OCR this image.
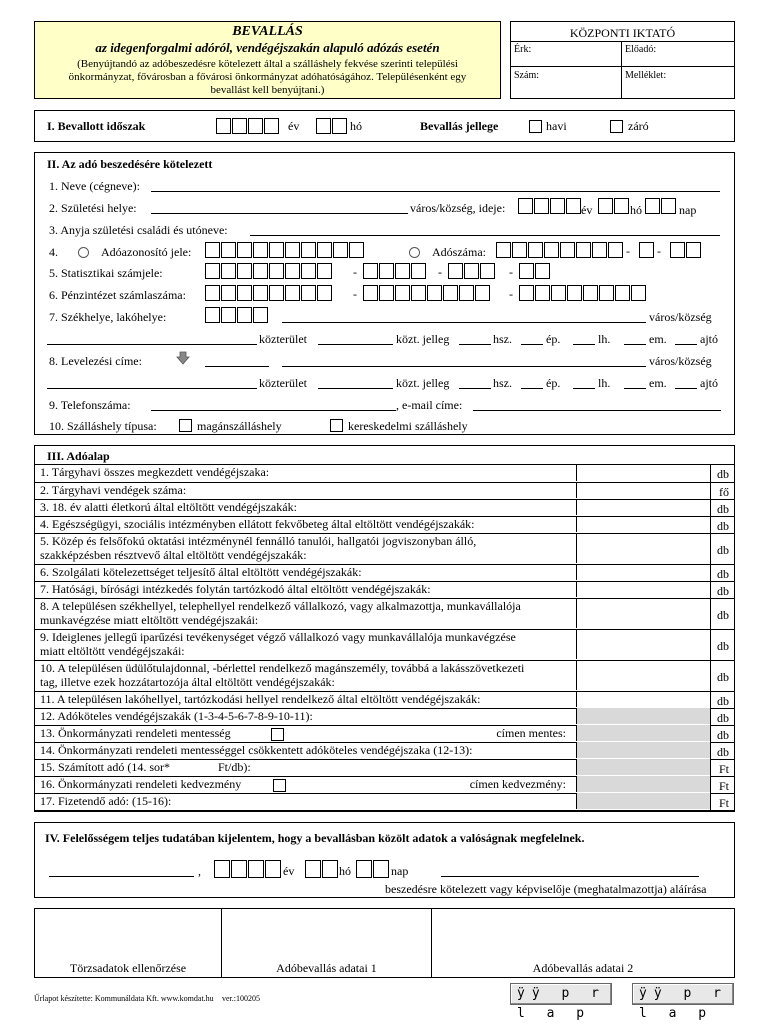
BEVALLÁS
az idegenforgalmi adóról, vendégéjszakán alapuló adózás esetén
(Benyújtandó az adóbeszedésre kötelezett által a szálláshely fekvése szerinti települési
önkormányzat, fővárosban a fővárosi önkormányzat adóhatóságához. Településenként egy
bevallást kell benyújtani.)
KÖZPONTI IKTATÓ
Érk:	Előadó:
Szám:	Melléklet:
I. Bevallott időszak	év	hó	Bevallás jellege	havi	záró
II. Az adó beszedésére kötelezett
1. Neve (cégneve):
2. Születési helye:	város/község, ideje:	év	hó	nap
3. Anyja születési családi és utóneve:
4.	Adóazonosító jele:	Adószáma:	- -
5. Statisztikai számjele:	-	-	-
6. Pénzintézet számlaszáma:	-	-
7. Székhelye, lakóhelye:	város/község
közterület	közt. jelleg	hsz.	ép.	lh.	em.	ajtó
8. Levelezési címe:	város/község
közterület	közt. jelleg	hsz.	ép.	lh.	em.	ajtó
9. Telefonszáma:	, e-mail címe:
10. Szálláshely típusa:	magánszálláshely	kereskedelmi szálláshely
III. Adóalap
1. Tárgyhavi összes megkezdett vendégéjszaka:	db
2. Tárgyhavi vendégek száma:	fő
3. 18. év alatti életkorú által eltöltött vendégéjszakák:	db
4. Egészségügyi, szociális intézményben ellátott fekvőbeteg által eltöltött vendégéjszakák:	db
5. Közép és felsőfokú oktatási intézménynél fennálló tanulói, hallgatói jogviszonyban álló,
szakképzésben résztvevő által eltöltött vendégéjszakák:	db
6. Szolgálati kötelezettséget teljesítő által eltöltött vendégéjszakák:	db
7. Hatósági, bírósági intézkedés folytán tartózkodó által eltöltött vendégéjszakák:	db
8. A településen székhellyel, telephellyel rendelkező vállalkozó, vagy alkalmazottja, munkavállalója
munkavégzése miatt eltöltött vendégéjszakái:	db
9. Ideiglenes jellegű iparűzési tevékenységet végző vállalkozó vagy munkavállalója munkavégzése
miatt eltöltött vendégéjszakái:	db
10. A településen üdülőtulajdonnal, -bérlettel rendelkező magánszemély, továbbá a lakásszövetkezeti
tag, illetve ezek hozzátartozója által eltöltött vendégéjszakák:	db
11. A településen lakóhellyel, tartózkodási hellyel rendelkező által eltöltött vendégéjszakák:	db
12. Adóköteles vendégéjszakák (1-3-4-5-6-7-8-9-10-11):	db
13. Önkormányzati rendeleti mentesség	címen mentes:	db
14. Önkormányzati rendeleti mentességgel csökkentett adóköteles vendégéjszaka (12-13):	db
15. Számított adó (14. sor*	Ft/db):	Ft
16. Önkormányzati rendeleti kedvezmény	címen kedvezmény:	Ft
17. Fizetendő adó: (15-16):	Ft
IV. Felelősségem teljes tudatában kijelentem, hogy a bevallásban közölt adatok a valóságnak megfelelnek.
,	év	hó	nap
beszedésre kötelezett vagy képviselője (meghatalmazottja) aláírása
Törzsadatok ellenőrzése	Adóbevallás adatai 1	Adóbevallás adatai 2
Űrlapot készítette: Kommunáldata Kft. www.komdat.hu ver.:100205	ÿÿ p r l a p
ÿÿ p r l a p
